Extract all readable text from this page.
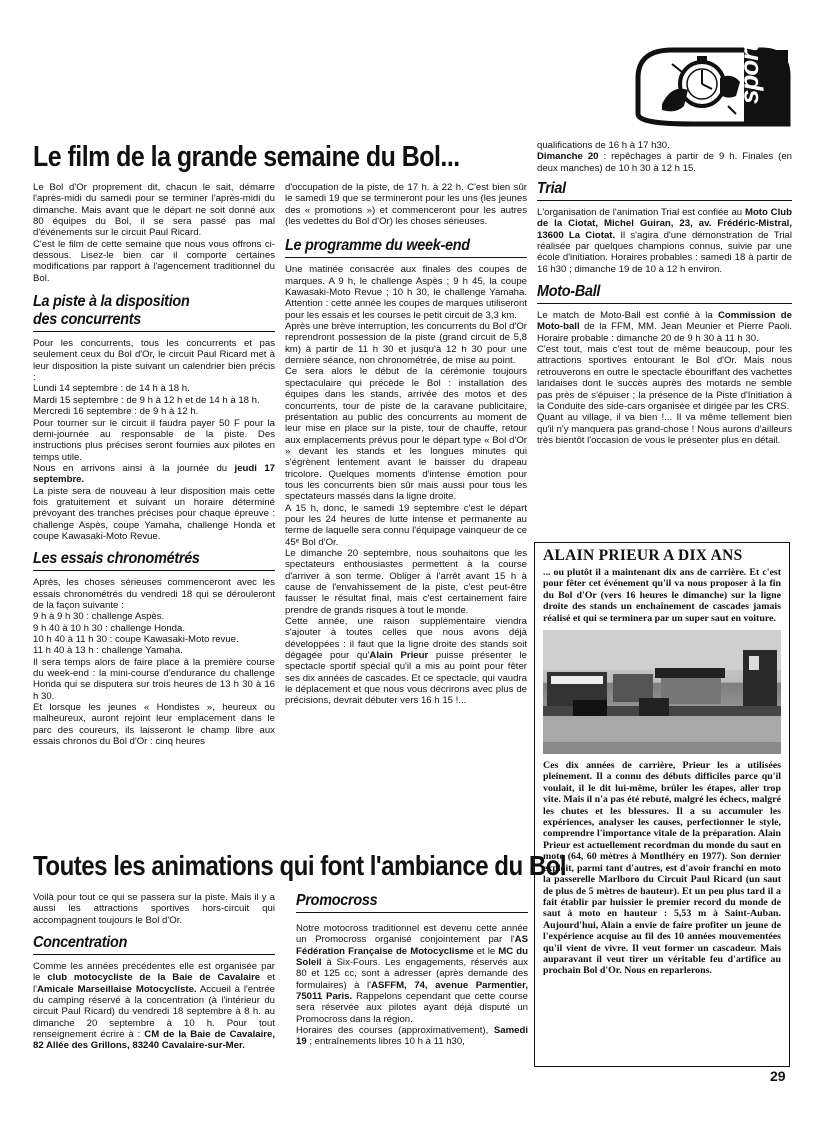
sport
Le film de la grande semaine du Bol...

Le Bol d'Or proprement dit, chacun le sait, démarre l'après-midi du samedi pour se terminer l'après-midi du dimanche. Mais avant que le départ ne soit donné aux 80 équipes du Bol, il se sera passé pas mal d'événements sur le circuit Paul Ricard.

C'est le film de cette semaine que nous vous offrons ci-dessous. Lisez-le bien car il comporte certaines modifications par rapport à l'agencement traditionnel du Bol.

La piste à la disposition
des concurrents

Pour les concurrents, tous les concurrents et pas seulement ceux du Bol d'Or, le circuit Paul Ricard met à leur disposition la piste suivant un calendrier bien précis :

Lundi 14 septembre : de 14 h à 18 h.

Mardi 15 septembre : de 9 h à 12 h et de 14 h à 18 h.

Mercredi 16 septembre : de 9 h à 12 h.

Pour tourner sur le circuit il faudra payer 50 F pour la demi-journée au responsable de la piste. Des instructions plus précises seront fournies aux pilotes en temps utile.

Nous en arrivons ainsi à la journée du jeudi 17 septembre.

La piste sera de nouveau à leur disposition mais cette fois gratuitement et suivant un horaire déterminé prévoyant des tranches précises pour chaque épreuve : challenge Aspès, coupe Yamaha, challenge Honda et coupe Kawasaki-Moto Revue.

Les essais chronométrés

Après, les choses sérieuses commenceront avec les essais chronométrés du vendredi 18 qui se dérouleront de la façon suivante :

9 h à 9 h 30 : challenge Aspès.

9 h 40 à 10 h 30 : challenge Honda.

10 h 40 à 11 h 30 : coupe Kawasaki-Moto revue.

11 h 40 à 13 h : challenge Yamaha.

Il sera temps alors de faire place à la première course du week-end : la mini-course d'endurance du challenge Honda qui se disputera sur trois heures de 13 h 30 à 16 h 30.

Et lorsque les jeunes « Hondistes », heureux ou malheureux, auront rejoint leur emplacement dans le parc des coureurs, ils laisseront le champ libre aux essais chronos du Bol d'Or : cinq heures

d'occupation de la piste, de 17 h. à 22 h. C'est bien sûr le samedi 19 que se termineront pour les uns (les jeunes des « promotions ») et commenceront pour les autres (les vedettes du Bol d'Or) les choses sérieuses.

Le programme du week-end

Une matinée consacrée aux finales des coupes de marques. A 9 h, le challenge Aspès ; 9 h 45, la coupe Kawasaki-Moto Revue ; 10 h 30, le challenge Yamaha. Attention : cette année les coupes de marques utiliseront pour les essais et les courses le petit circuit de 3,3 km.

Après une brève interruption, les concurrents du Bol d'Or reprendront possession de la piste (grand circuit de 5,8 km) à partir de 11 h 30 et jusqu'à 12 h 30 pour une dernière séance, non chronométrée, de mise au point.

Ce sera alors le début de la cérémonie toujours spectaculaire qui précède le Bol : installation des équipes dans les stands, arrivée des motos et des concurrents, tour de piste de la caravane publicitaire, présentation au public des concurrents au moment de leur mise en place sur la piste, tour de chauffe, retour aux emplacements prévus pour le départ type « Bol d'Or » devant les stands et les longues minutes qui s'égrènent lentement avant le baisser du drapeau tricolore. Quelques moments d'intense émotion pour tous les concurrents bien sûr mais aussi pour tous les spectateurs massés dans la ligne droite.

A 15 h, donc, le samedi 19 septembre c'est le départ pour les 24 heures de lutte intense et permanente au terme de laquelle sera connu l'équipage vainqueur de ce 45ᵉ Bol d'Or.

Le dimanche 20 septembre, nous souhaitons que les spectateurs enthousiastes permettent à la course d'arriver à son terme. Obliger à l'arrêt avant 15 h à cause de l'envahissement de la piste, c'est peut-être fausser le résultat final, mais c'est certainement faire prendre de grands risques à tout le monde.

Cette année, une raison supplémentaire viendra s'ajouter à toutes celles que nous avons déjà développées : il faut que la ligne droite des stands soit dégagée pour qu'Alain Prieur puisse présenter le spectacle sportif spécial qu'il a mis au point pour fêter ses dix années de cascades. Et ce spectacle, qui vaudra le déplacement et que nous vous décrirons avec plus de précisions, devrait débuter vers 16 h 15 !...

qualifications de 16 h à 17 h30.

Dimanche 20 : repêchages à partir de 9 h. Finales (en deux manches) de 10 h 30 à 12 h 15.

Trial

L'organisation de l'animation Trial est confiée au Moto Club de la Ciotat, Michel Guiran, 23, av. Frédéric-Mistral, 13600 La Ciotat. Il s'agira d'une démonstration de Trial réalisée par quelques champions connus, suivie par une école d'initiation. Horaires probables : samedi 18 à partir de 16 h30 ; dimanche 19 de 10 à 12 h environ.

Moto-Ball

Le match de Moto-Ball est confié à la Commission de Moto-ball de la FFM, MM. Jean Meunier et Pierre Paoli. Horaire probable : dimanche 20 de 9 h 30 à 11 h 30.

C'est tout, mais c'est tout de même beaucoup, pour les attractions sportives entourant le Bol d'Or. Mais nous retrouverons en outre le spectacle ébouriffant des vachettes landaises dont le succès auprès des motards ne semble pas près de s'épuiser ; la présence de la Piste d'Initiation à la Conduite des side-cars organisée et dirigée par les CRS.

Quant au village, il va bien !... Il va même tellement bien qu'il n'y manquera pas grand-chose ! Nous aurons d'ailleurs très bientôt l'occasion de vous le présenter plus en détail.

ALAIN PRIEUR A DIX ANS

... ou plutôt il a maintenant dix ans de carrière. Et c'est pour fêter cet événement qu'il va nous proposer à la fin du Bol d'Or (vers 16 heures le dimanche) sur la ligne droite des stands un enchaînement de cascades jamais réalisé et qui se terminera par un super saut en voiture.

Ces dix années de carrière, Prieur les a utilisées pleinement. Il a connu des débuts difficiles parce qu'il voulait, il le dit lui-même, brûler les étapes, aller trop vite. Mais il n'a pas été rebuté, malgré les échecs, malgré les chutes et les blessures. Il a su accumuler les expériences, analyser les causes, perfectionner le style, comprendre l'importance vitale de la préparation. Alain Prieur est actuellement recordman du monde du saut en moto (64, 60 mètres à Montlhéry en 1977). Son dernier exploit, parmi tant d'autres, est d'avoir franchi en moto la passerelle Marlboro du Circuit Paul Ricard (un saut de plus de 5 mètres de hauteur). Et un peu plus tard il a fait établir par huissier le premier record du monde de saut à moto en hauteur : 5,53 m à Saint-Auban. Aujourd'hui, Alain a envie de faire profiter un jeune de l'expérience acquise au fil des 10 années mouvementées qu'il vient de vivre. Il veut former un cascadeur. Mais auparavant il veut tirer un véritable feu d'artifice au prochain Bol d'Or. Nous en reparlerons.

Toutes les animations qui font l'ambiance du Bol

Voilà pour tout ce qui se passera sur la piste. Mais il y a aussi les attractions sportives hors-circuit qui accompagnent toujours le Bol d'Or.

Concentration

Comme les années précédentes elle est organisée par le club motocycliste de la Baie de Cavalaire et l'Amicale Marseillaise Motocycliste. Accueil à l'entrée du camping réservé à la concentration (à l'intérieur du circuit Paul Ricard) du vendredi 18 septembre à 8 h. au dimanche 20 septembre à 10 h. Pour tout renseignement écrire à : CM de la Baie de Cavalaire, 82 Allée des Grillons, 83240 Cavalaire-sur-Mer.

Promocross

Notre motocross traditionnel est devenu cette année un Promocross organisé conjointement par l'AS Fédération Française de Motocyclisme et le MC du Soleil à Six-Fours. Les engagements, réservés aux 80 et 125 cc, sont à adresser (après demande des formulaires) à l'ASFFM, 74, avenue Parmentier, 75011 Paris. Rappelons cependant que cette course sera réservée aux pilotes ayant déjà disputé un Promocross dans la région.

Horaires des courses (approximativement), Samedi 19 ; entraînements libres 10 h à 11 h30,

29
